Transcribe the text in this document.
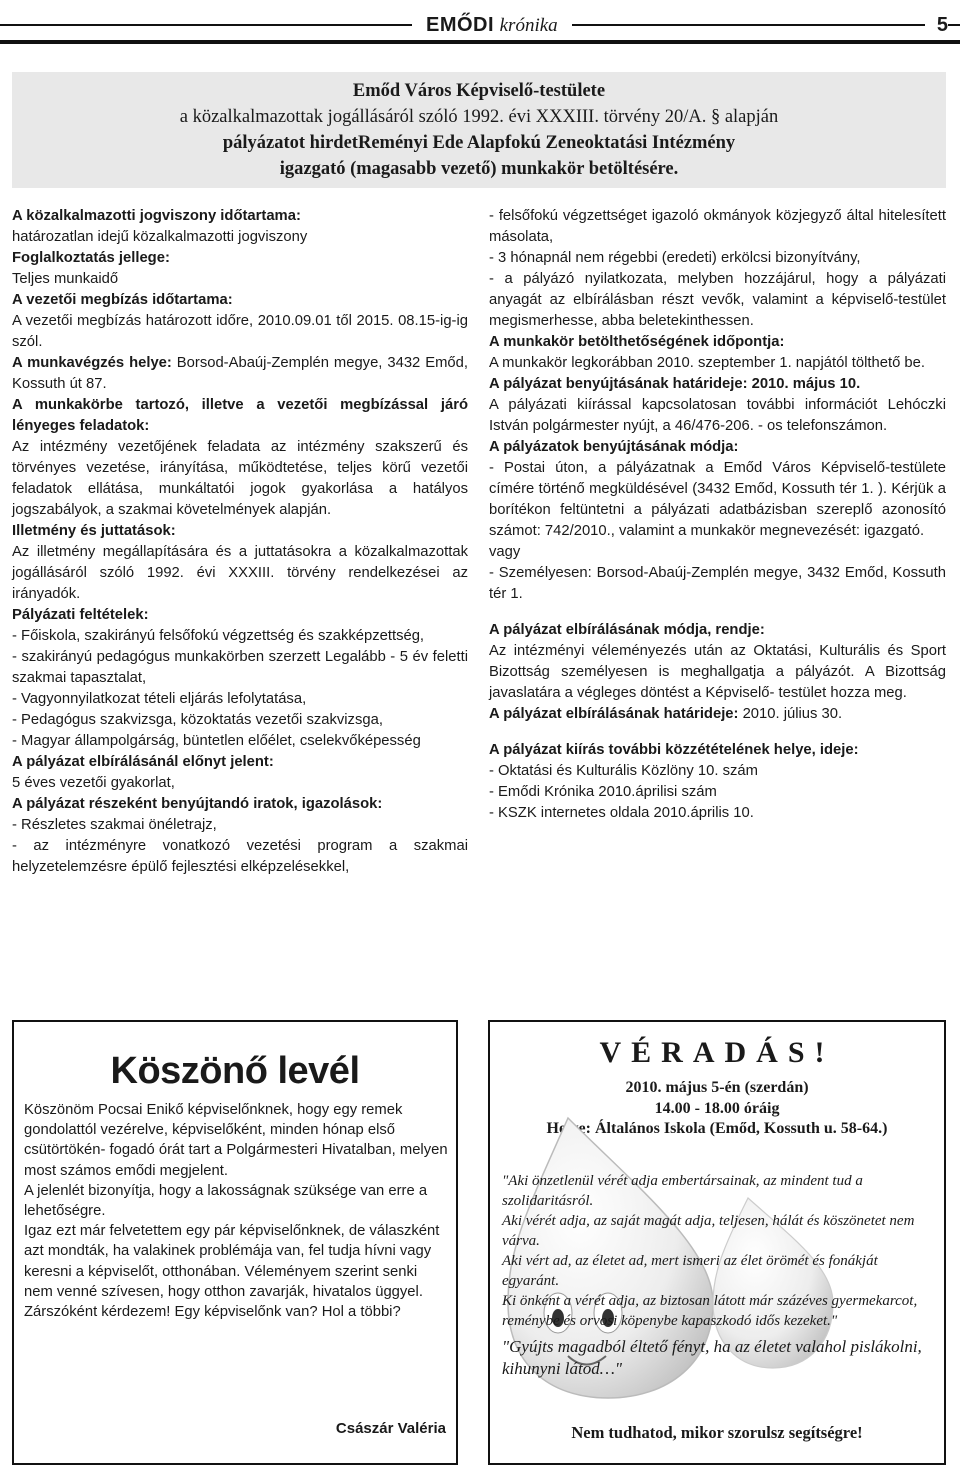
EMŐDI krónika	5
Emőd Város Képviselő-testülete
a közalkalmazottak jogállásáról szóló 1992. évi XXXIII. törvény 20/A. § alapján
pályázatot hirdetReményi Ede Alapfokú Zeneoktatási Intézmény
igazgató (magasabb vezető) munkakör betöltésére.

A közalkalmazotti jogviszony időtartama:

határozatlan idejű közalkalmazotti jogviszony

Foglalkoztatás jellege:

Teljes munkaidő

A vezetői megbízás időtartama:

A vezetői megbízás határozott időre, 2010.09.01 től 2015. 08.15-ig-ig szól.

A munkavégzés helye: Borsod-Abaúj-Zemplén megye, 3432 Emőd, Kossuth út 87.

A munkakörbe tartozó, illetve a vezetői megbízással járó lényeges feladatok:

Az intézmény vezetőjének feladata az intézmény szakszerű és törvényes vezetése, irányítása, működtetése, teljes körű vezetői feladatok ellátása, munkáltatói jogok gyakorlása a hatályos jogszabályok, a szakmai követelmények alapján.

Illetmény és juttatások:

Az illetmény megállapítására és a juttatásokra a közalkalmazottak jogállásáról szóló 1992. évi XXXIII. törvény rendelkezései az irányadók.

Pályázati feltételek:

- Főiskola, szakirányú felsőfokú végzettség és szakképzettség,

- szakirányú pedagógus munkakörben szerzett Legalább - 5 év feletti szakmai tapasztalat,

- Vagyonnyilatkozat tételi eljárás lefolytatása,

- Pedagógus szakvizsga, közoktatás vezetői szakvizsga,

- Magyar állampolgárság, büntetlen előélet, cselekvőképesség

A pályázat elbírálásánál előnyt jelent:

5 éves vezetői gyakorlat,

A pályázat részeként benyújtandó iratok, igazolások:

- Részletes szakmai önéletrajz,

- az intézményre vonatkozó vezetési program a szakmai helyzetelemzésre épülő fejlesztési elképzelésekkel,

- felsőfokú végzettséget igazoló okmányok közjegyző által hitelesített másolata,

- 3 hónapnál nem régebbi (eredeti) erkölcsi bizonyítvány,

- a pályázó nyilatkozata, melyben hozzájárul, hogy a pályázati anyagát az elbírálásban részt vevők, valamint a képviselő-testület megismerhesse, abba beletekinthessen.

A munkakör betölthetőségének időpontja:

A munkakör legkorábban 2010. szeptember 1. napjától tölthető be.

A pályázat benyújtásának határideje: 2010. május 10.

A pályázati kiírással kapcsolatosan további információt Lehóczki István polgármester nyújt, a 46/476-206. - os telefonszámon.

A pályázatok benyújtásának módja:

- Postai úton, a pályázatnak a Emőd Város Képviselő-testülete címére történő megküldésével (3432 Emőd, Kossuth tér 1. ). Kérjük a borítékon feltüntetni a pályázati adatbázisban szereplő azonosító számot: 742/2010., valamint a munkakör megnevezését: igazgató.

vagy

- Személyesen: Borsod-Abaúj-Zemplén megye, 3432 Emőd, Kossuth tér 1.

A pályázat elbírálásának módja, rendje:

Az intézményi véleményezés után az Oktatási, Kulturális és Sport Bizottság személyesen is meghallgatja a pályázót. A Bizottság javaslatára a végleges döntést a Képviselő- testület hozza meg.

A pályázat elbírálásának határideje: 2010. július 30.

A pályázat kiírás további közzétételének helye, ideje:

- Oktatási és Kulturális Közlöny 10. szám

- Emődi Krónika 2010.áprilisi szám

- KSZK internetes oldala 2010.április 10.

Köszönő levél

Köszönöm Pocsai Enikő képviselőnknek, hogy egy remek gondolattól vezérelve, képviselőként, minden hónap első csütörtökén- fogadó órát tart a Polgármesteri Hivatalban, melyen most számos emődi megjelent.

A jelenlét bizonyítja, hogy a lakosságnak szüksége van erre a lehetőségre.

Igaz ezt már felvetettem egy pár képviselőnknek, de válaszként azt mondták, ha valakinek problémája van, fel tudja hívni vagy keresni a képviselőt, otthonában. Véleményem szerint senki nem venné szívesen, hogy otthon zavarják, hivatalos üggyel.

Zárszóként kérdezem! Egy képviselőnk van? Hol a többi?

Császár Valéria
VÉRADÁS!
2010. május 5-én (szerdán)
14.00 - 18.00 óráig
Helye: Általános Iskola (Emőd, Kossuth u. 58-64.)

"Aki önzetlenül vérét adja embertársainak, az mindent tud a szolidaritásról.

Aki vérét adja, az saját magát adja, teljesen, hálát és köszönetet nem várva.

Aki vért ad, az életet ad, mert ismeri az élet örömét és fonákját egyaránt.

Ki önként a vérét adja, az biztosan látott már százéves gyermekarcot, reménybe és orvosi köpenybe kapaszkodó idős kezeket."

"Gyújts magadból éltető fényt, ha az életet valahol pislákolni, kihunyni látod…"
Nem tudhatod, mikor szorulsz segítségre!
